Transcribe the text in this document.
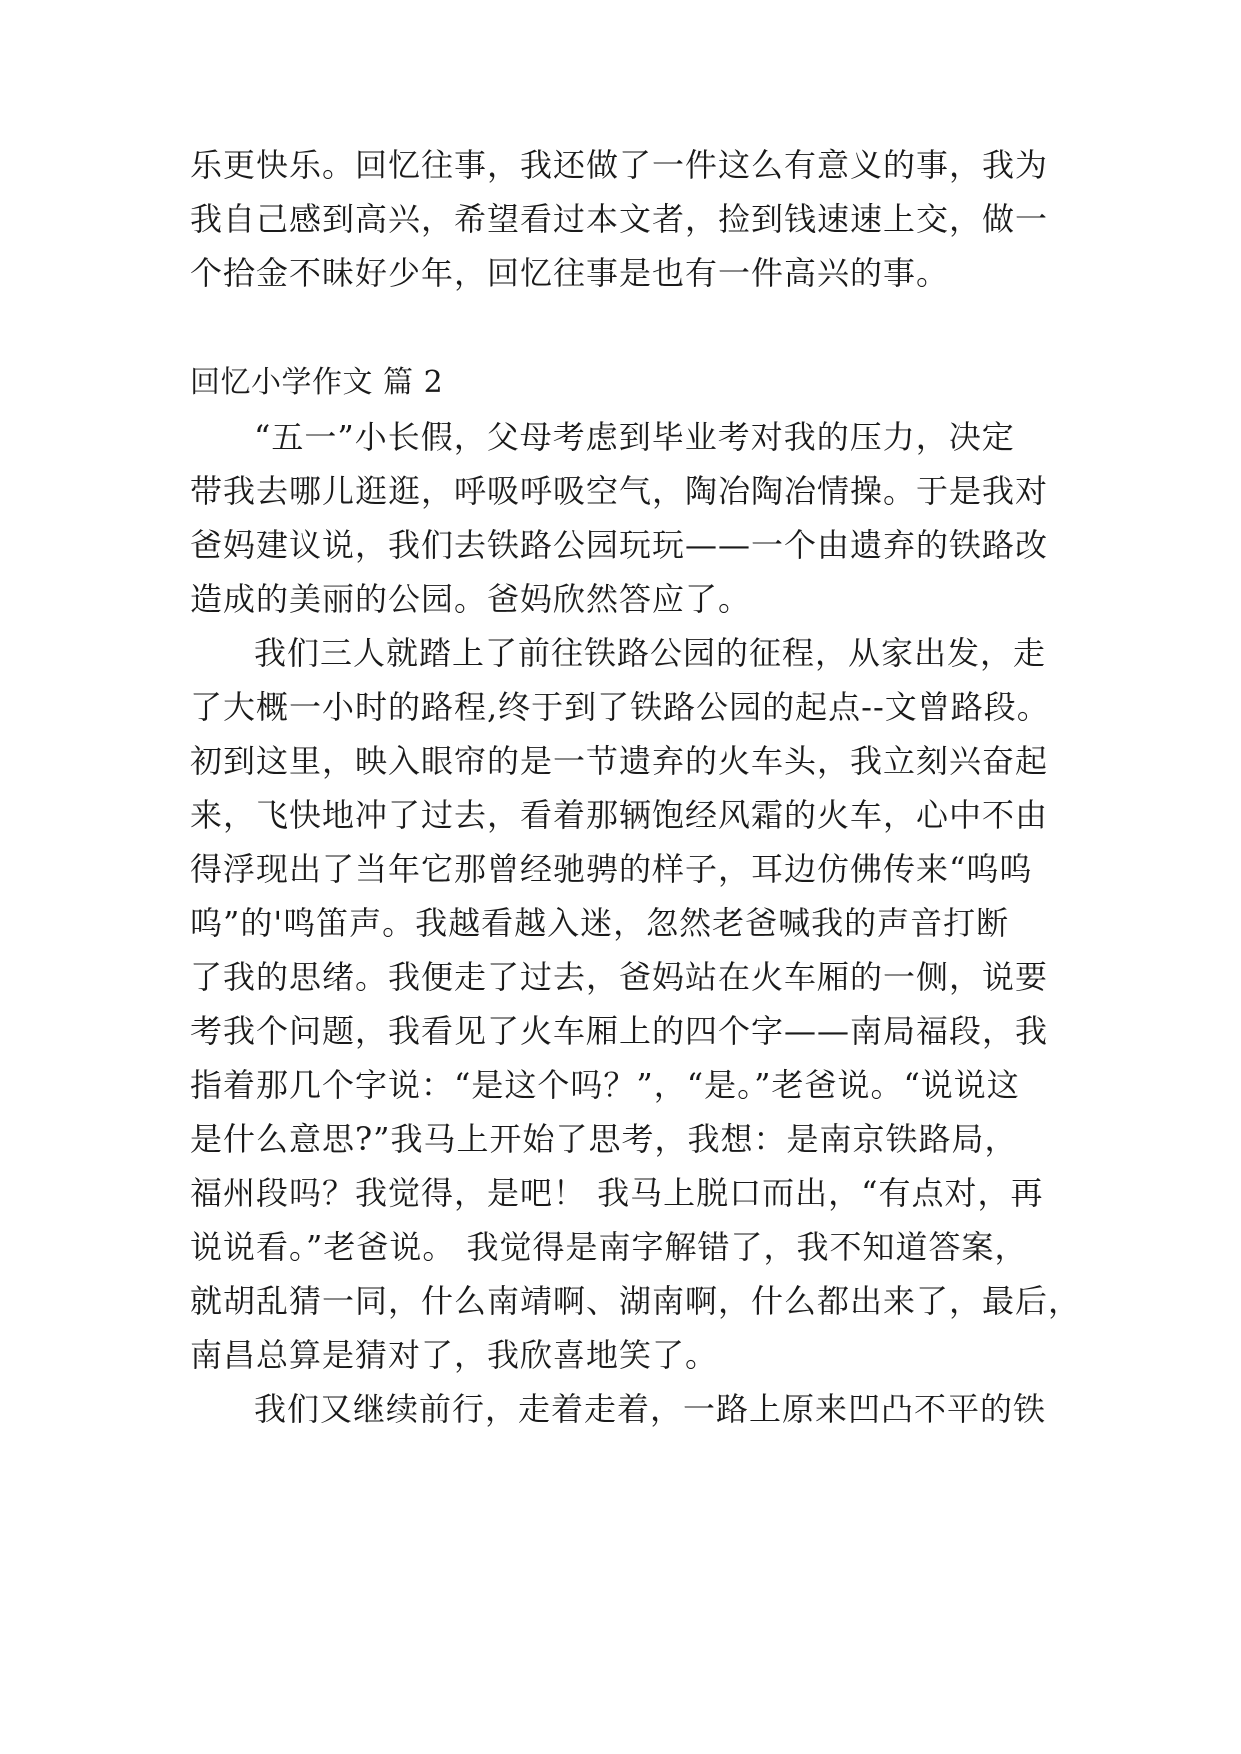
乐更快乐。回忆往事，我还做了一件这么有意义的事，我为
我自己感到高兴，希望看过本文者，捡到钱速速上交，做一
个拾金不昧好少年，回忆往事是也有一件高兴的事。
回忆小学作文 篇 2
“五一”小长假，父母考虑到毕业考对我的压力，决定
带我去哪儿逛逛，呼吸呼吸空气，陶冶陶冶情操。于是我对
爸妈建议说，我们去铁路公园玩玩——一个由遗弃的铁路改
造成的美丽的公园。爸妈欣然答应了。
我们三人就踏上了前往铁路公园的征程，从家出发，走
了大概一小时的路程,终于到了铁路公园的起点--文曾路段。
初到这里，映入眼帘的是一节遗弃的火车头，我立刻兴奋起
来，飞快地冲了过去，看着那辆饱经风霜的火车，心中不由
得浮现出了当年它那曾经驰骋的样子，耳边仿佛传来“呜呜
呜”的'鸣笛声。我越看越入迷，忽然老爸喊我的声音打断
了我的思绪。我便走了过去，爸妈站在火车厢的一侧，说要
考我个问题，我看见了火车厢上的四个字——南局福段，我
指着那几个字说：“是这个吗？”，“是。”老爸说。“说说这
是什么意思?”我马上开始了思考，我想：是南京铁路局，
福州段吗？我觉得，是吧！ 我马上脱口而出，“有点对，再
说说看。”老爸说。 我觉得是南字解错了，我不知道答案，
就胡乱猜一同，什么南靖啊、湖南啊，什么都出来了，最后，
南昌总算是猜对了，我欣喜地笑了。
我们又继续前行，走着走着，一路上原来凹凸不平的铁
